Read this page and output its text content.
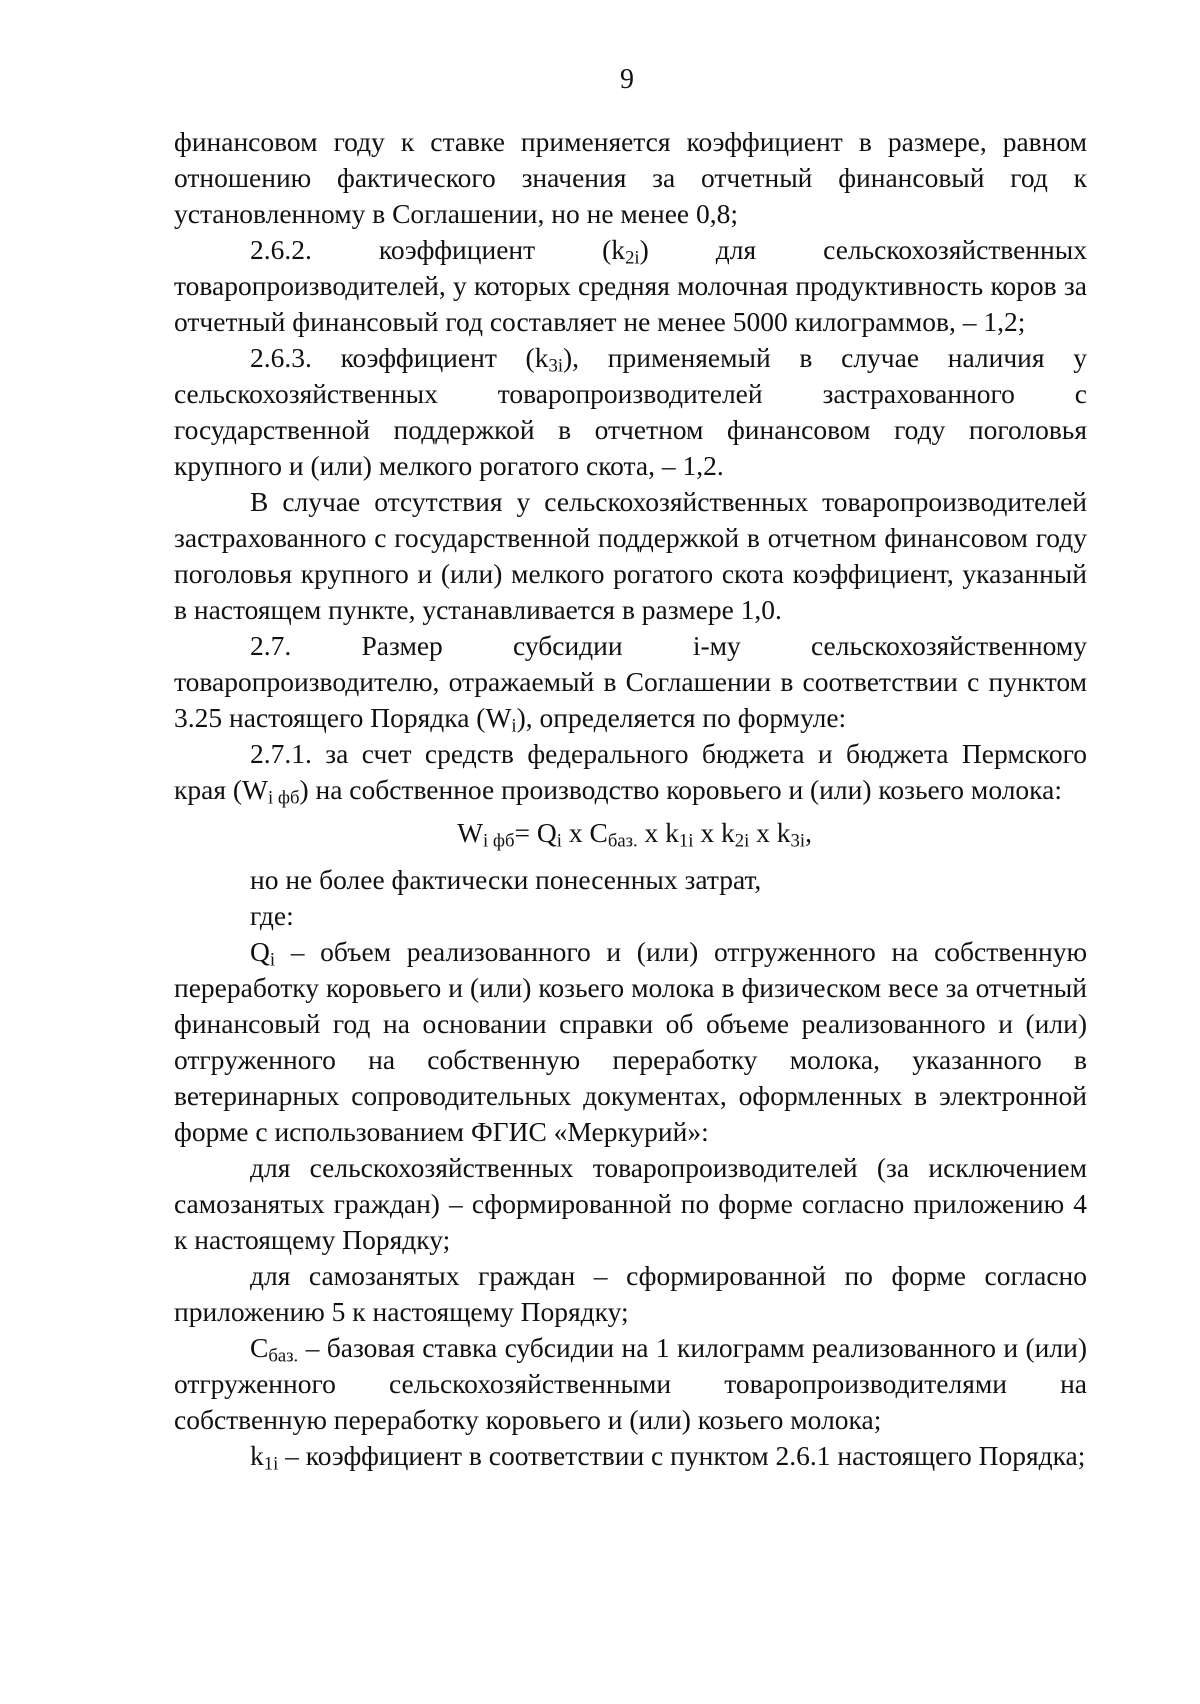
9

финансовом году к ставке применяется коэффициент в размере, равном отношению фактического значения за отчетный финансовый год к установленному в Соглашении, но не менее 0,8;

2.6.2. коэффициент $(k_{2i})$ для сельскохозяйственных товаропроизводителей, у которых средняя молочная продуктивность коров за отчетный финансовый год составляет не менее 5000 килограммов, – 1,2;

2.6.3. коэффициент $(k_{3i})$, применяемый в случае наличия у сельскохозяйственных товаропроизводителей застрахованного с государственной поддержкой в отчетном финансовом году поголовья крупного и (или) мелкого рогатого скота, – 1,2.

В случае отсутствия у сельскохозяйственных товаропроизводителей застрахованного с государственной поддержкой в отчетном финансовом году поголовья крупного и (или) мелкого рогатого скота коэффициент, указанный в настоящем пункте, устанавливается в размере 1,0.

2.7. Размер субсидии i-му сельскохозяйственному товаропроизводителю, отражаемый в Соглашении в соответствии с пунктом 3.25 настоящего Порядка $(W_i)$, определяется по формуле:

2.7.1. за счет средств федерального бюджета и бюджета Пермского края $(W_{i фб})$ на собственное производство коровьего и (или) козьего молока:

$W_{i фб}= Q_i$ x $С_{баз.}$ x $k_{1i}$ x $k_{2i}$ x $k_{3i}$,

но не более фактически понесенных затрат,

где:

$Q_i$ – объем реализованного и (или) отгруженного на собственную переработку коровьего и (или) козьего молока в физическом весе за отчетный финансовый год на основании справки об объеме реализованного и (или) отгруженного на собственную переработку молока, указанного в ветеринарных сопроводительных документах, оформленных в электронной форме с использованием ФГИС «Меркурий»:

для сельскохозяйственных товаропроизводителей (за исключением самозанятых граждан) – сформированной по форме согласно приложению 4 к настоящему Порядку;

для самозанятых граждан – сформированной по форме согласно приложению 5 к настоящему Порядку;

$С_{баз.}$ – базовая ставка субсидии на 1 килограмм реализованного и (или) отгруженного сельскохозяйственными товаропроизводителями на собственную переработку коровьего и (или) козьего молока;

$k_{1i}$ – коэффициент в соответствии с пунктом 2.6.1 настоящего Порядка;
